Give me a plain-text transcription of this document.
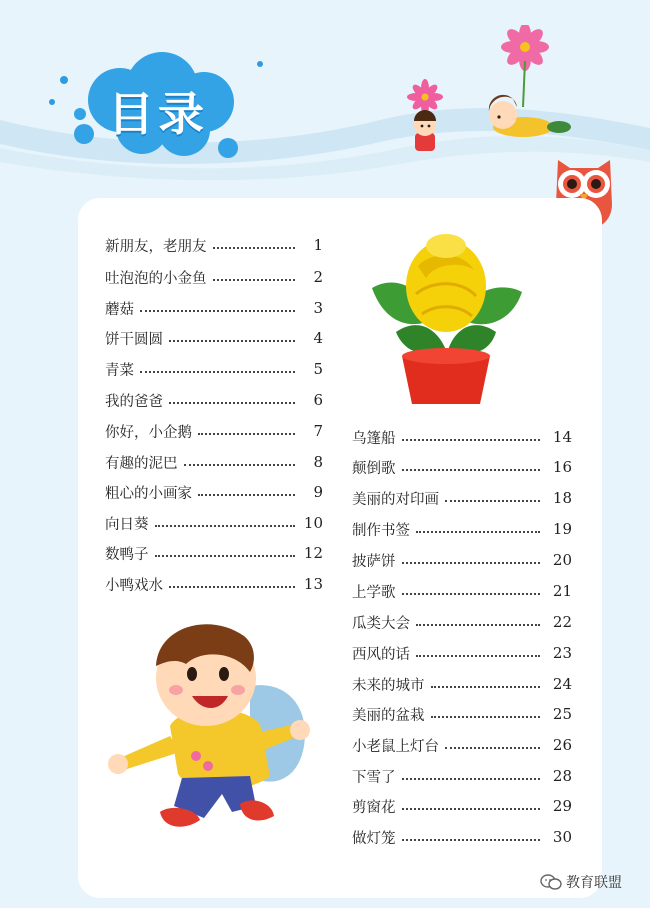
目录
新朋友，老朋友	1
吐泡泡的小金鱼	2
蘑菇	3
饼干圆圆	4
青菜	5
我的爸爸	6
你好，小企鹅	7
有趣的泥巴	8
粗心的小画家	9
向日葵	10
数鸭子	12
小鸭戏水	13
乌篷船	14
颠倒歌	16
美丽的对印画	18
制作书签	19
披萨饼	20
上学歌	21
瓜类大会	22
西风的话	23
未来的城市	24
美丽的盆栽	25
小老鼠上灯台	26
下雪了	28
剪窗花	29
做灯笼	30
教育联盟
